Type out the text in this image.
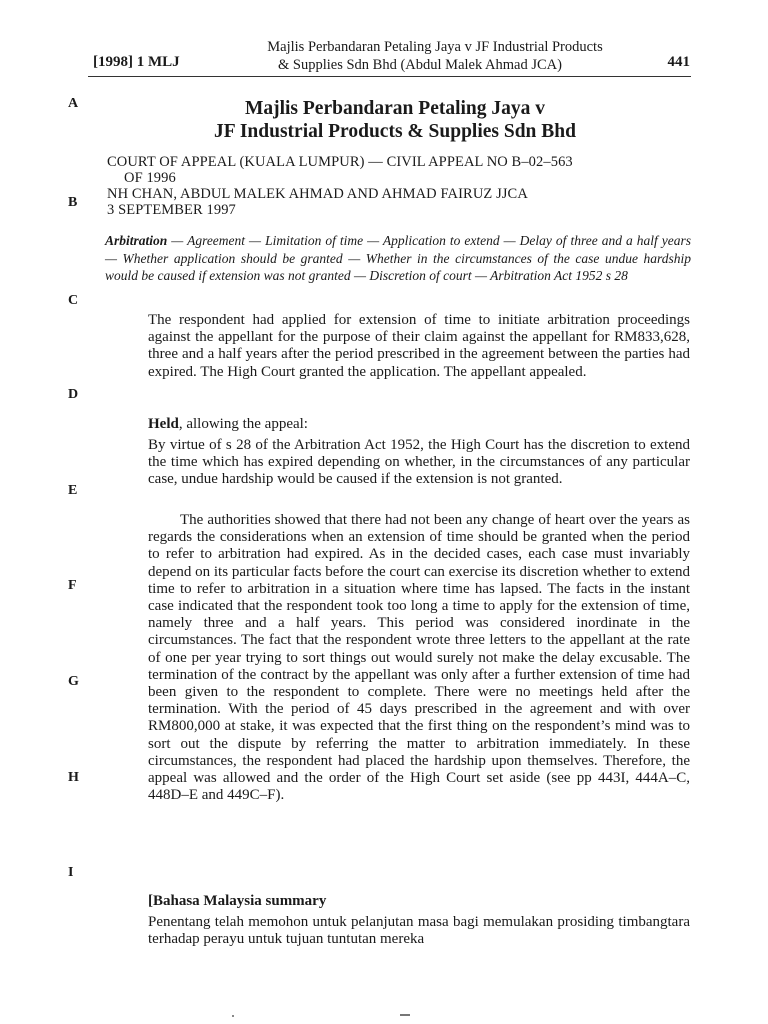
[1998] 1 MLJ
Majlis Perbandaran Petaling Jaya v JF Industrial Products
& Supplies Sdn Bhd (Abdul Malek Ahmad JCA)	441
A
B
C
D
E
F
G
H
I
Majlis Perbandaran Petaling Jaya v
JF Industrial Products & Supplies Sdn Bhd
COURT OF APPEAL (KUALA LUMPUR) — CIVIL APPEAL NO B–02–563
OF 1996
NH CHAN, ABDUL MALEK AHMAD AND AHMAD FAIRUZ JJCA
3 SEPTEMBER 1997
Arbitration — Agreement — Limitation of time — Application to extend — Delay of three and a half years — Whether application should be granted — Whether in the circumstances of the case undue hardship would be caused if extension was not granted — Discretion of court — Arbitration Act 1952 s 28

The respondent had applied for extension of time to initiate arbitration proceedings against the appellant for the purpose of their claim against the appellant for RM833,628, three and a half years after the period prescribed in the agreement between the parties had expired. The High Court granted the application. The appellant appealed.

Held, allowing the appeal:

By virtue of s 28 of the Arbitration Act 1952, the High Court has the discretion to extend the time which has expired depending on whether, in the circumstances of any particular case, undue hardship would be caused if the extension is not granted.

The authorities showed that there had not been any change of heart over the years as regards the considerations when an extension of time should be granted when the period to refer to arbitration had expired. As in the decided cases, each case must invariably depend on its particular facts before the court can exercise its discretion whether to extend time to refer to arbitration in a situation where time has lapsed. The facts in the instant case indicated that the respondent took too long a time to apply for the extension of time, namely three and a half years. This period was considered inordinate in the circumstances. The fact that the respondent wrote three letters to the appellant at the rate of one per year trying to sort things out would surely not make the delay excusable. The termination of the contract by the appellant was only after a further extension of time had been given to the respondent to complete. There were no meetings held after the termination. With the period of 45 days prescribed in the agreement and with over RM800,000 at stake, it was expected that the first thing on the respondent’s mind was to sort out the dispute by referring the matter to arbitration immediately. In these circumstances, the respondent had placed the hardship upon themselves. Therefore, the appeal was allowed and the order of the High Court set aside (see pp 443I, 444A–C, 448D–E and 449C–F).

[Bahasa Malaysia summary

Penentang telah memohon untuk pelanjutan masa bagi memulakan prosiding timbangtara terhadap perayu untuk tujuan tuntutan mereka
